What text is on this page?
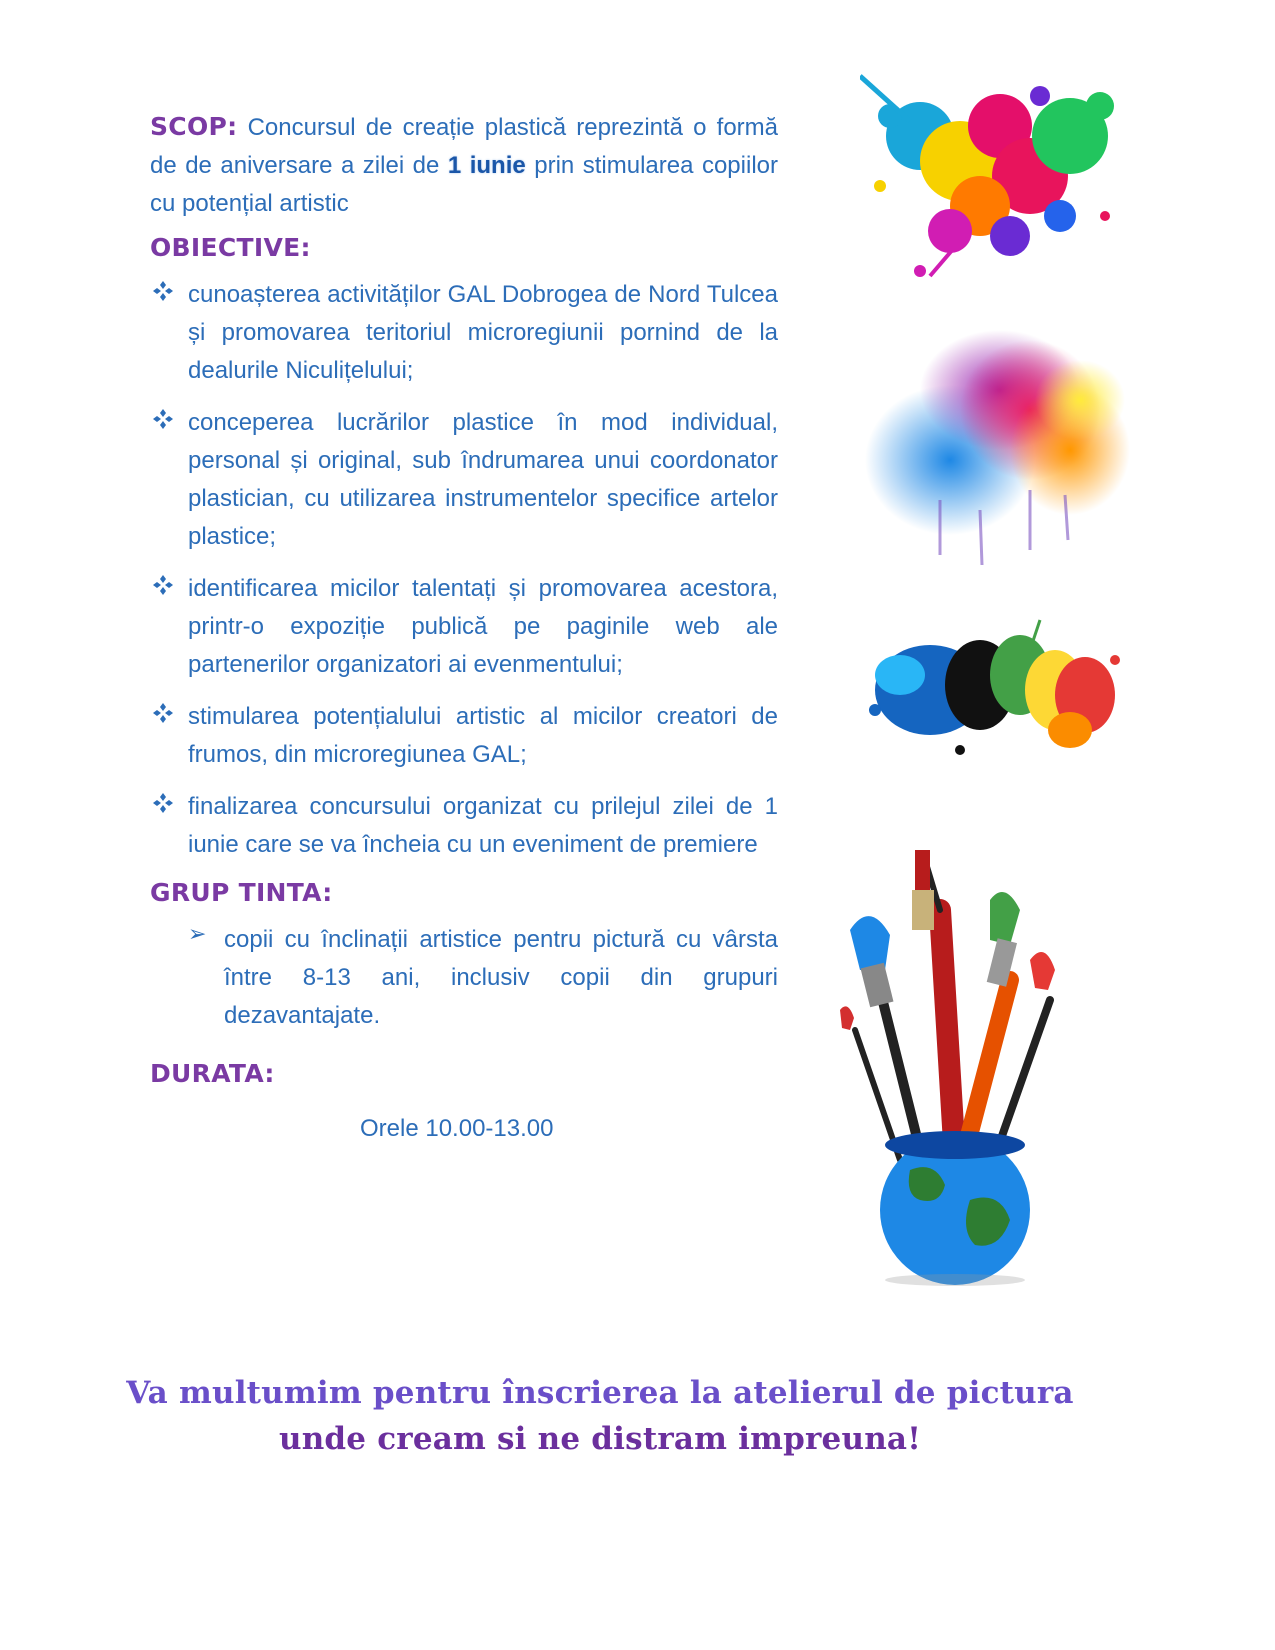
SCOP: Concursul de creație plastică reprezintă o formă de de aniversare a zilei de 1 iunie prin stimularea copiilor cu potențial artistic

OBIECTIVE:

cunoașterea activităților GAL Dobrogea de Nord Tulcea și promovarea teritoriul microregiunii pornind de la dealurile Niculițelului;

conceperea lucrărilor plastice în mod individual, personal și original, sub îndrumarea unui coordonator plastician, cu utilizarea instrumentelor specifice artelor plastice;

identificarea micilor talentați și promovarea acestora, printr-o expoziție publică pe paginile web ale partenerilor organizatori ai evenmentului;

stimularea potențialului artistic al micilor creatori de frumos, din microregiunea GAL;

finalizarea concursului organizat cu prilejul zilei de 1 iunie care se va încheia cu un eveniment de premiere

GRUP TINTA:
➢ copii cu înclinații artistice pentru pictură cu vârsta între 8-13 ani, inclusiv copii din grupuri dezavantajate.

DURATA:

Orele 10.00-13.00

Va multumim pentru înscrierea la atelierul de pictura
unde cream si ne distram impreuna!
